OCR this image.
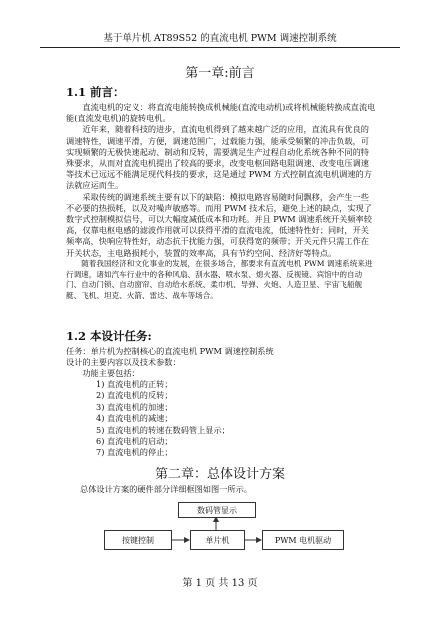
基于单片机 AT89S52 的直流电机 PWM 调速控制系统
第一章:前言
1.1 前言：

直流电机的定义：将直流电能转换成机械能(直流电动机)或将机械能转换成直流电能(直流发电机)的旋转电机。

近年来，随着科技的进步，直流电机得到了越来越广泛的应用，直流具有优良的调速特性，调速平滑，方便，调速范围广，过载能力强，能承受频繁的冲击负载，可实现频繁的无极快速起动、制动和反转，需要满足生产过程自动化系统各种不同的特殊要求，从而对直流电机提出了较高的要求，改变电枢回路电阻调速、改变电压调速等技术已远远不能满足现代科技的要求，这是通过 PWM 方式控制直流电机调速的方法就应运而生。

采取传统的调速系统主要有以下的缺陷：模拟电路容易随时间飘移，会产生一些不必要的热损耗，以及对噪声敏感等。而用 PWM 技术后，避免上述的缺点，实现了数字式控制模拟信号，可以大幅度减低成本和功耗。并且 PWM 调速系统开关频率较高，仅靠电枢电感的滤波作用就可以获得平滑的直流电流，低速特性好；同时，开关频率高，快响应特性好，动态抗干扰能力强，可获得宽的频带；开关元件只需工作在开关状态，主电路损耗小，装置的效率高，具有节约空间、经济好等特点。

随着我国经济和文化事业的发展，在很多场合，都要求有直流电机 PWM 调速系统来进行调速，诸如汽车行业中的各种风扇、刮水器、喷水泵、熄火器、反视镜、宾馆中的自动门、自动门锁、自动窗帘、自动给水系统、柔巾机、导弹、火炮、人造卫星、宇宙飞船舰艇、飞机、坦克、火箭、雷达、战车等场合。

1.2 本设计任务:

任务：单片机为控制核心的直流电机 PWM 调速控制系统

设计的主要内容以及技术参数：

功能主要包括：

1) 直流电机的正转；
2) 直流电机的反转；
3) 直流电机的加速；
4) 直流电机的减速；
5) 直流电机的转速在数码管上显示；
6) 直流电机的启动；
7) 直流电机的停止；
第二章：总体设计方案
总体设计方案的硬件部分详细框图如图一所示。
数码管显示
按键控制	单片机	PWM 电机驱动
第 1 页 共 13 页
